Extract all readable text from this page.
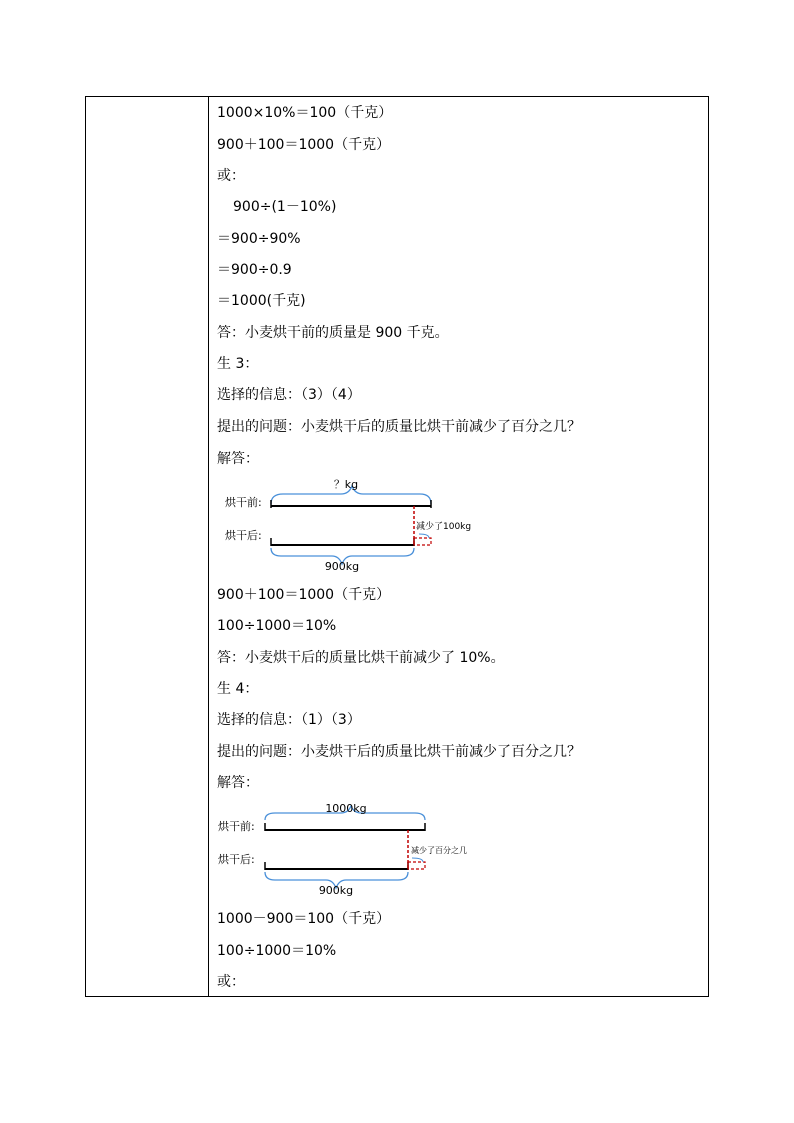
1000×10%＝100（千克）
900＋100＝1000（千克）
或：
900÷(1－10%)
＝900÷90%
＝900÷0.9
＝1000(千克)
答：小麦烘干前的质量是 900 千克。
生 3：
选择的信息：（3）（4）
提出的问题：小麦烘干后的质量比烘干前减少了百分之几？
解答：
？kg
烘干前:
烘干后:
减少了100kg
900kg
900＋100＝1000（千克）
100÷1000＝10%
答：小麦烘干后的质量比烘干前减少了 10%。
生 4：
选择的信息：（1）（3）
提出的问题：小麦烘干后的质量比烘干前减少了百分之几？
解答：
1000kg
烘干前:
烘干后:
减少了百分之几
900kg
1000－900＝100（千克）
100÷1000＝10%
或：
